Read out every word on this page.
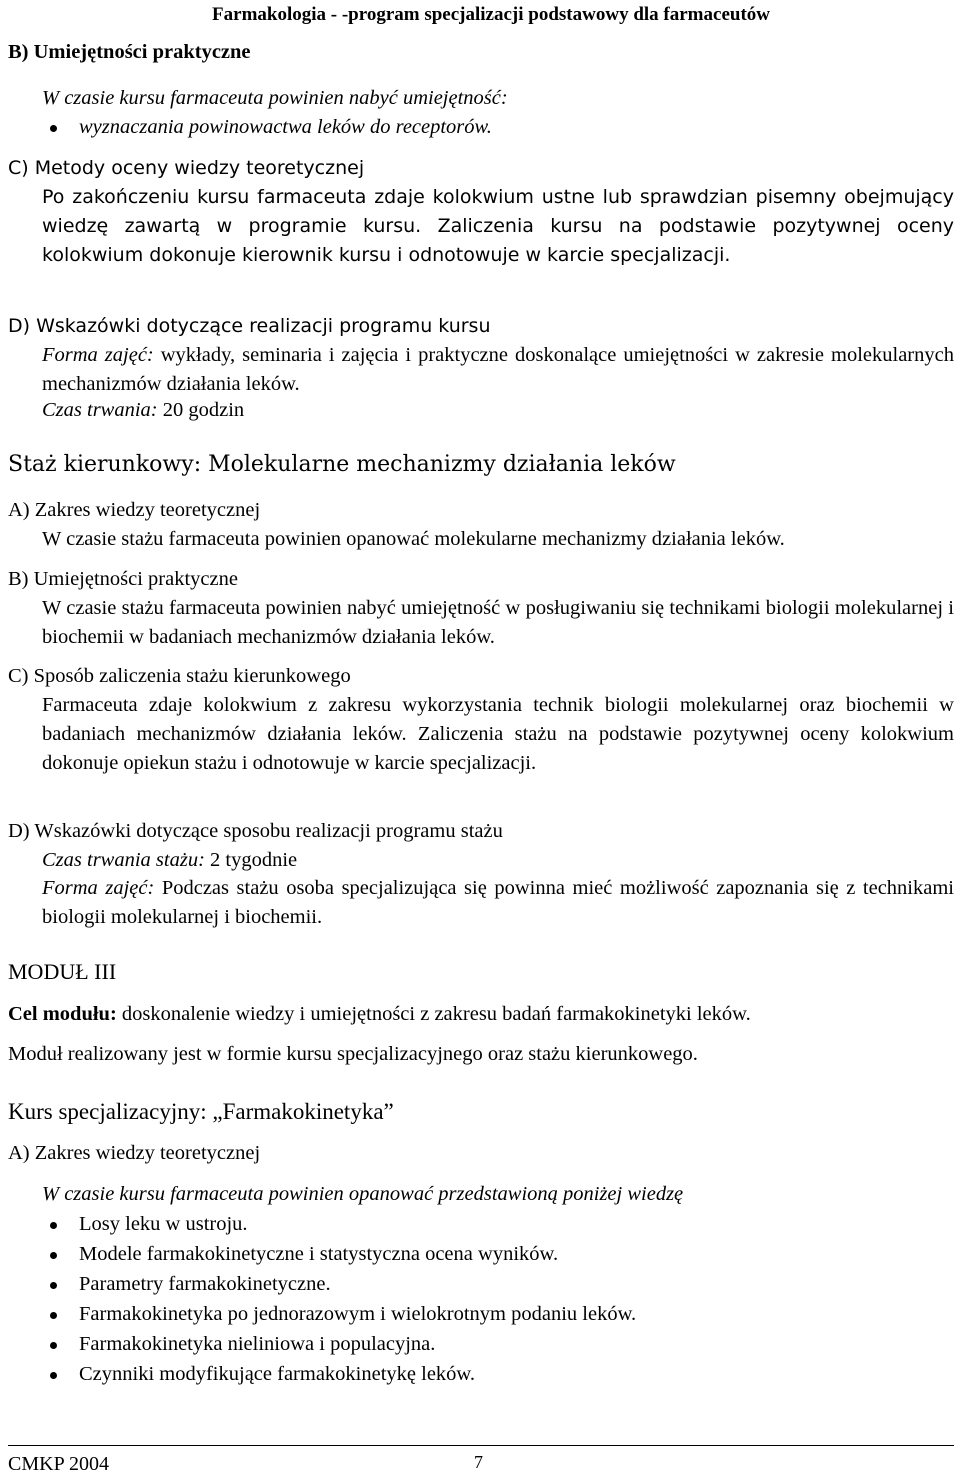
Farmakologia - -program specjalizacji podstawowy dla farmaceutów
B) Umiejętności praktyczne
W czasie kursu farmaceuta powinien nabyć umiejętność:
wyznaczania powinowactwa leków do receptorów.
C) Metody oceny wiedzy teoretycznej
Po zakończeniu kursu farmaceuta zdaje kolokwium ustne lub sprawdzian pisemny obejmujący wiedzę zawartą w programie kursu. Zaliczenia kursu na podstawie pozytywnej oceny kolokwium dokonuje kierownik kursu i odnotowuje w karcie specjalizacji.
D) Wskazówki dotyczące realizacji programu kursu
Forma zajęć: wykłady, seminaria i zajęcia i praktyczne doskonalące umiejętności w zakresie molekularnych mechanizmów działania leków.
Czas trwania: 20 godzin
Staż kierunkowy: Molekularne mechanizmy działania leków
A) Zakres wiedzy teoretycznej
W czasie stażu farmaceuta powinien opanować molekularne mechanizmy działania leków.
B) Umiejętności praktyczne
W czasie stażu farmaceuta powinien nabyć umiejętność w posługiwaniu się technikami biologii molekularnej i biochemii w badaniach mechanizmów działania leków.
C) Sposób zaliczenia stażu kierunkowego
Farmaceuta zdaje kolokwium z zakresu wykorzystania technik biologii molekularnej oraz biochemii w badaniach mechanizmów działania leków. Zaliczenia stażu na podstawie pozytywnej oceny kolokwium dokonuje opiekun stażu i odnotowuje w karcie specjalizacji.
D) Wskazówki dotyczące sposobu realizacji programu stażu
Czas trwania stażu: 2 tygodnie
Forma zajęć: Podczas stażu osoba specjalizująca się powinna mieć możliwość zapoznania się z technikami biologii molekularnej i biochemii.
MODUŁ III
Cel modułu: doskonalenie wiedzy i umiejętności z zakresu badań farmakokinetyki leków.
Moduł realizowany jest w formie kursu specjalizacyjnego oraz stażu kierunkowego.
Kurs specjalizacyjny: „Farmakokinetyka”
A) Zakres wiedzy teoretycznej
W czasie kursu farmaceuta powinien opanować przedstawioną poniżej wiedzę
Losy leku w ustroju.
Modele farmakokinetyczne i statystyczna ocena wyników.
Parametry farmakokinetyczne.
Farmakokinetyka po jednorazowym i wielokrotnym podaniu leków.
Farmakokinetyka nieliniowa i populacyjna.
Czynniki modyfikujące farmakokinetykę leków.
CMKP 2004	7
